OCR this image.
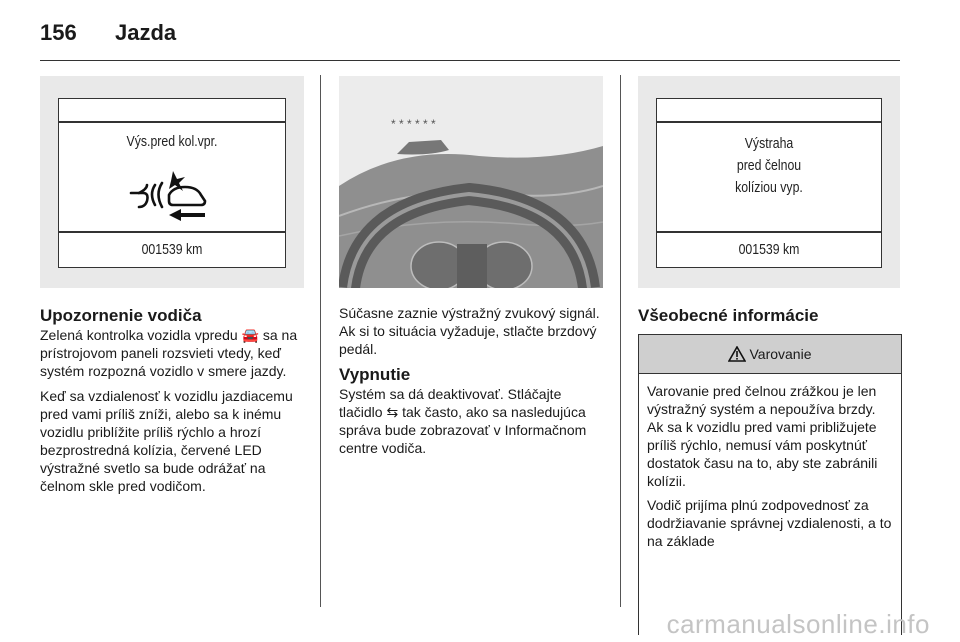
156 Jazda
Výs.pred kol.vpr.
001539 km
* * * * * *
Výstraha
pred čelnou
kolíziou vyp.
001539 km
Upozornenie vodiča

Zelená kontrolka vozidla vpredu 🚘 sa na prístrojovom paneli rozsvieti vtedy, keď systém rozpozná vozidlo v smere jazdy.

Keď sa vzdialenosť k vozidlu jazdiacemu pred vami príliš zníži, alebo sa k inému vozidlu priblížite príliš rýchlo a hrozí bezprostredná kolízia, červené LED výstražné svetlo sa bude odrážať na čelnom skle pred vodičom.

Súčasne zaznie výstražný zvukový signál. Ak si to situácia vyžaduje, stlačte brzdový pedál.

Vypnutie

Systém sa dá deaktivovať. Stláčajte tlačidlo ⇆ tak často, ako sa nasledujúca správa bude zobrazovať v Informačnom centre vodiča.

Všeobecné informácie
Varovanie

Varovanie pred čelnou zrážkou je len výstražný systém a nepoužíva brzdy. Ak sa k vozidlu pred vami približujete príliš rýchlo, nemusí vám poskytnúť dostatok času na to, aby ste zabránili kolízii.

Vodič prijíma plnú zodpovednosť za dodržiavanie správnej vzdialenosti, a to na základe

carmanualsonline.info
